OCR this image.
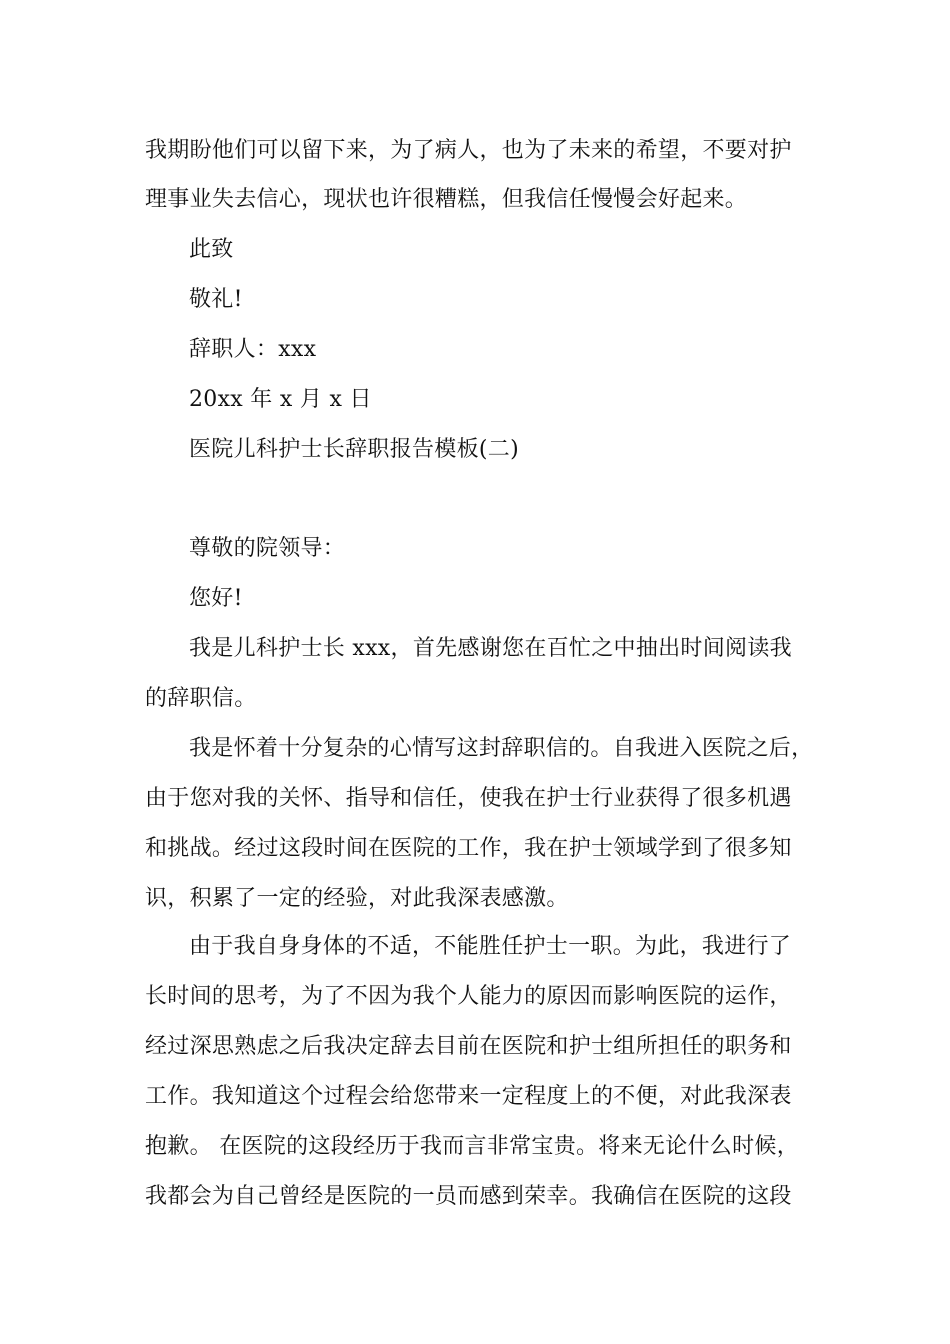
我期盼他们可以留下来，为了病人，也为了未来的希望，不要对护
理事业失去信心，现状也许很糟糕，但我信任慢慢会好起来。
此致
敬礼!
辞职人：xxx
20xx 年 x 月 x 日
医院儿科护士长辞职报告模板(二)
尊敬的院领导：
您好!
我是儿科护士长 xxx，首先感谢您在百忙之中抽出时间阅读我
的辞职信。
我是怀着十分复杂的心情写这封辞职信的。自我进入医院之后，
由于您对我的关怀、指导和信任，使我在护士行业获得了很多机遇
和挑战。经过这段时间在医院的工作，我在护士领域学到了很多知
识，积累了一定的经验，对此我深表感激。
由于我自身身体的不适，不能胜任护士一职。为此，我进行了
长时间的思考，为了不因为我个人能力的原因而影响医院的运作，
经过深思熟虑之后我决定辞去目前在医院和护士组所担任的职务和
工作。我知道这个过程会给您带来一定程度上的不便，对此我深表
抱歉。 在医院的这段经历于我而言非常宝贵。将来无论什么时候，
我都会为自己曾经是医院的一员而感到荣幸。我确信在医院的这段
